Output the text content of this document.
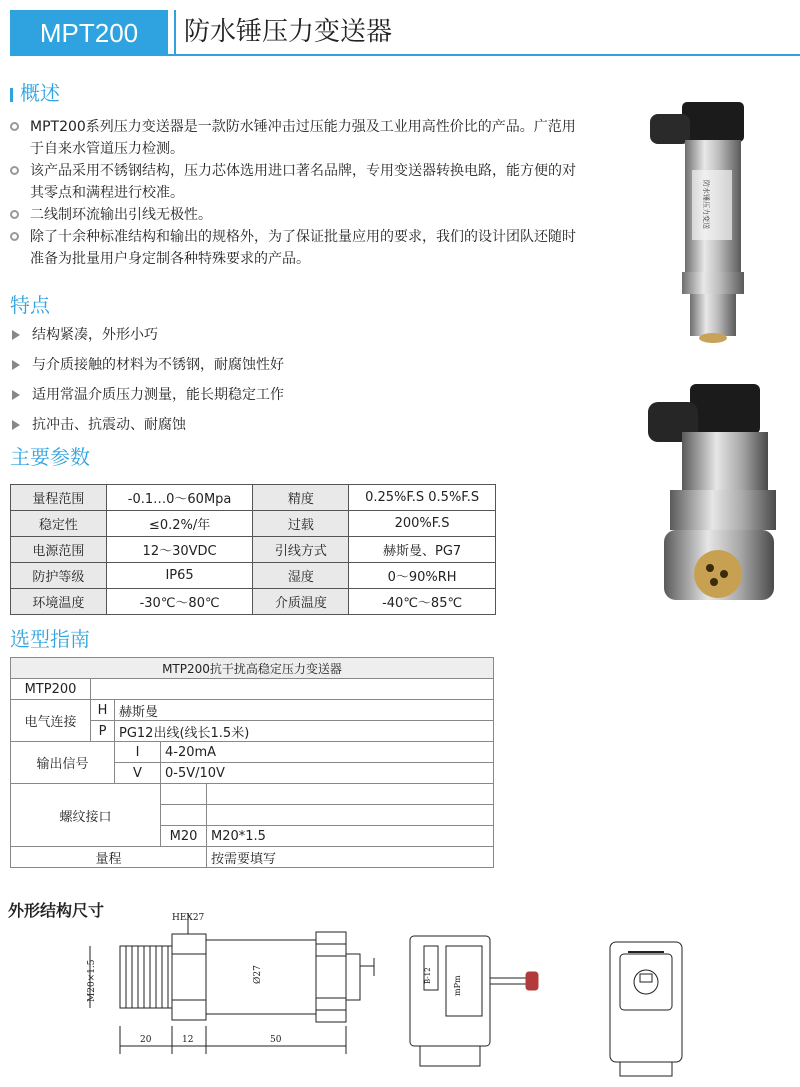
MPT200	防水锤压力变送器
概述
MPT200系列压力变送器是一款防水锤冲击过压能力强及工业用高性价比的产品。广范用于自来水管道压力检测。
该产品采用不锈钢结构，压力芯体选用进口著名品牌，专用变送器转换电路，能方便的对其零点和满程进行校准。
二线制环流输出引线无极性。
除了十余种标准结构和输出的规格外，为了保证批量应用的要求，我们的设计团队还随时准备为批量用户身定制各种特殊要求的产品。
特点
结构紧凑，外形小巧
与介质接触的材料为不锈钢，耐腐蚀性好
适用常温介质压力测量，能长期稳定工作
抗冲击、抗震动、耐腐蚀
主要参数
量程范围	-0.1…0～60Mpa	精度	0.25%F.S 0.5%F.S
稳定性	≤0.2%/年	过载	200%F.S
电源范围	12～30VDC	引线方式	赫斯曼、PG7
防护等级	IP65	湿度	0～90%RH
环境温度	-30℃～80℃	介质温度	-40℃～85℃
选型指南
MTP200抗干扰高稳定压力变送器				
MTP200				
电气连接	H	赫斯曼		
	P	PG12出线(线长1.5米)		
输出信号		I	4-20mA	
		V	0-5V/10V	
螺纹接口				

			M20	M20*1.5
量程				按需要填写
外形结构尺寸
防水锤压力变送
HEX27
M20×1.5	Ø27
20	12	50
B-12	mPm
